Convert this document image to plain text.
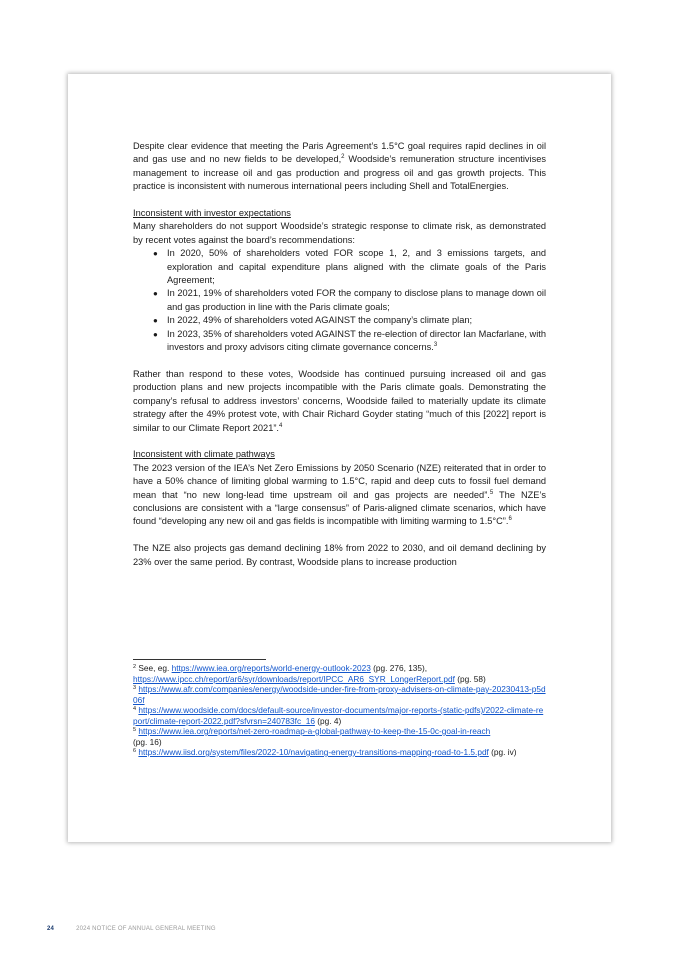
Despite clear evidence that meeting the Paris Agreement’s 1.5°C goal requires rapid declines in oil and gas use and no new fields to be developed,$^2$ Woodside’s remuneration structure incentivises management to increase oil and gas production and progress oil and gas growth projects. This practice is inconsistent with numerous international peers including Shell and TotalEnergies.

Inconsistent with investor expectations

Many shareholders do not support Woodside’s strategic response to climate risk, as demonstrated by recent votes against the board’s recommendations:

● In 2020, 50% of shareholders voted FOR scope 1, 2, and 3 emissions targets, and exploration and capital expenditure plans aligned with the climate goals of the Paris Agreement;
● In 2021, 19% of shareholders voted FOR the company to disclose plans to manage down oil and gas production in line with the Paris climate goals;
● In 2022, 49% of shareholders voted AGAINST the company’s climate plan;
● In 2023, 35% of shareholders voted AGAINST the re-election of director Ian Macfarlane, with investors and proxy advisors citing climate governance concerns.$^3$

Rather than respond to these votes, Woodside has continued pursuing increased oil and gas production plans and new projects incompatible with the Paris climate goals. Demonstrating the company’s refusal to address investors’ concerns, Woodside failed to materially update its climate strategy after the 49% protest vote, with Chair Richard Goyder stating “much of this [2022] report is similar to our Climate Report 2021”.$^4$

Inconsistent with climate pathways

The 2023 version of the IEA’s Net Zero Emissions by 2050 Scenario (NZE) reiterated that in order to have a 50% chance of limiting global warming to 1.5°C, rapid and deep cuts to fossil fuel demand mean that “no new long-lead time upstream oil and gas projects are needed”.$^5$ The NZE’s conclusions are consistent with a “large consensus” of Paris-aligned climate scenarios, which have found “developing any new oil and gas fields is incompatible with limiting warming to 1.5°C”.$^6$

The NZE also projects gas demand declining 18% from 2022 to 2030, and oil demand declining by 23% over the same period. By contrast, Woodside plans to increase production

$^2$ See, eg. https://www.iea.org/reports/world-energy-outlook-2023 (pg. 276, 135),
https://www.ipcc.ch/report/ar6/syr/downloads/report/IPCC_AR6_SYR_LongerReport.pdf (pg. 58)

$^3$ https://www.afr.com/companies/energy/woodside-under-fire-from-proxy-advisers-on-climate-pay-20230413-p5d06f

$^4$ https://www.woodside.com/docs/default-source/investor-documents/major-reports-(static-pdfs)/2022-climate-report/climate-report-2022.pdf?sfvrsn=240783fc_16 (pg. 4)

$^5$ https://www.iea.org/reports/net-zero-roadmap-a-global-pathway-to-keep-the-15-0c-goal-in-reach
(pg. 16)

$^6$ https://www.iisd.org/system/files/2022-10/navigating-energy-transitions-mapping-road-to-1.5.pdf (pg. iv)

24	2024 NOTICE OF ANNUAL GENERAL MEETING
